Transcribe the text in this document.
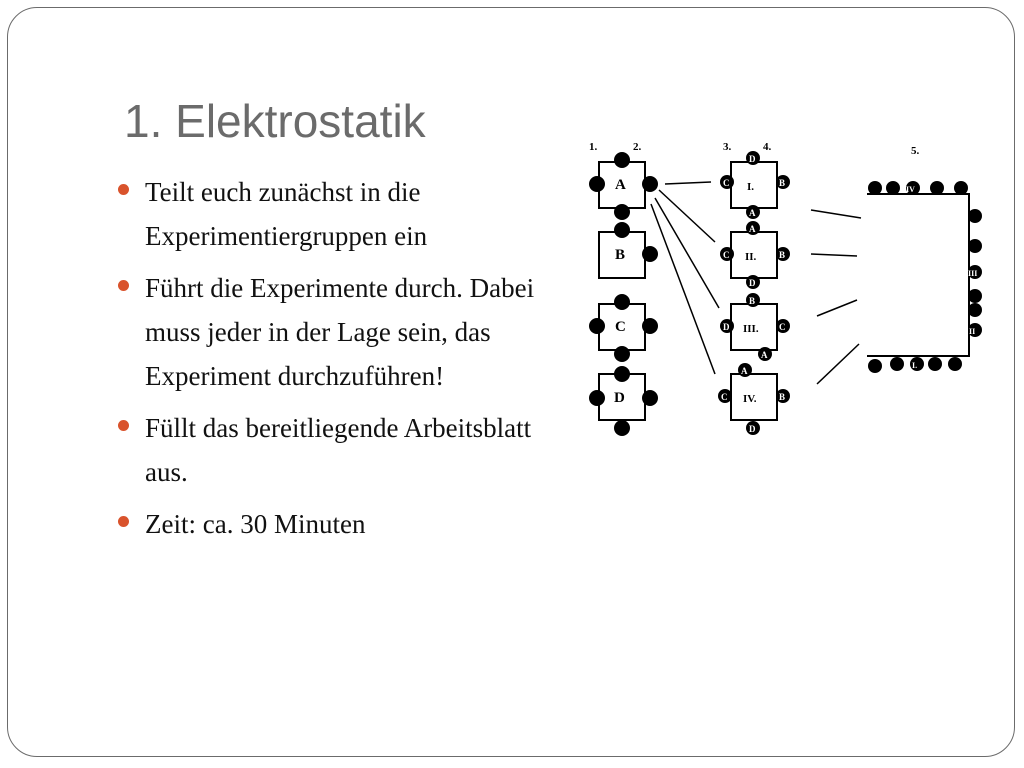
1. Elektrostatik
Teilt euch zunächst in die Experimentiergruppen ein
Führt die Experimente durch. Dabei muss jeder in der Lage sein, das Experiment durchzuführen!
Füllt das bereitliegende Arbeitsblatt aus.
Zeit: ca. 30 Minuten
1.	2.	3.	4.	5.
A
B
C
D
I.
D
C	B
A
II.
A
C	B
D
III.
B
D	C
A
IV.
A
C	B
D
IV
III
II
I.
